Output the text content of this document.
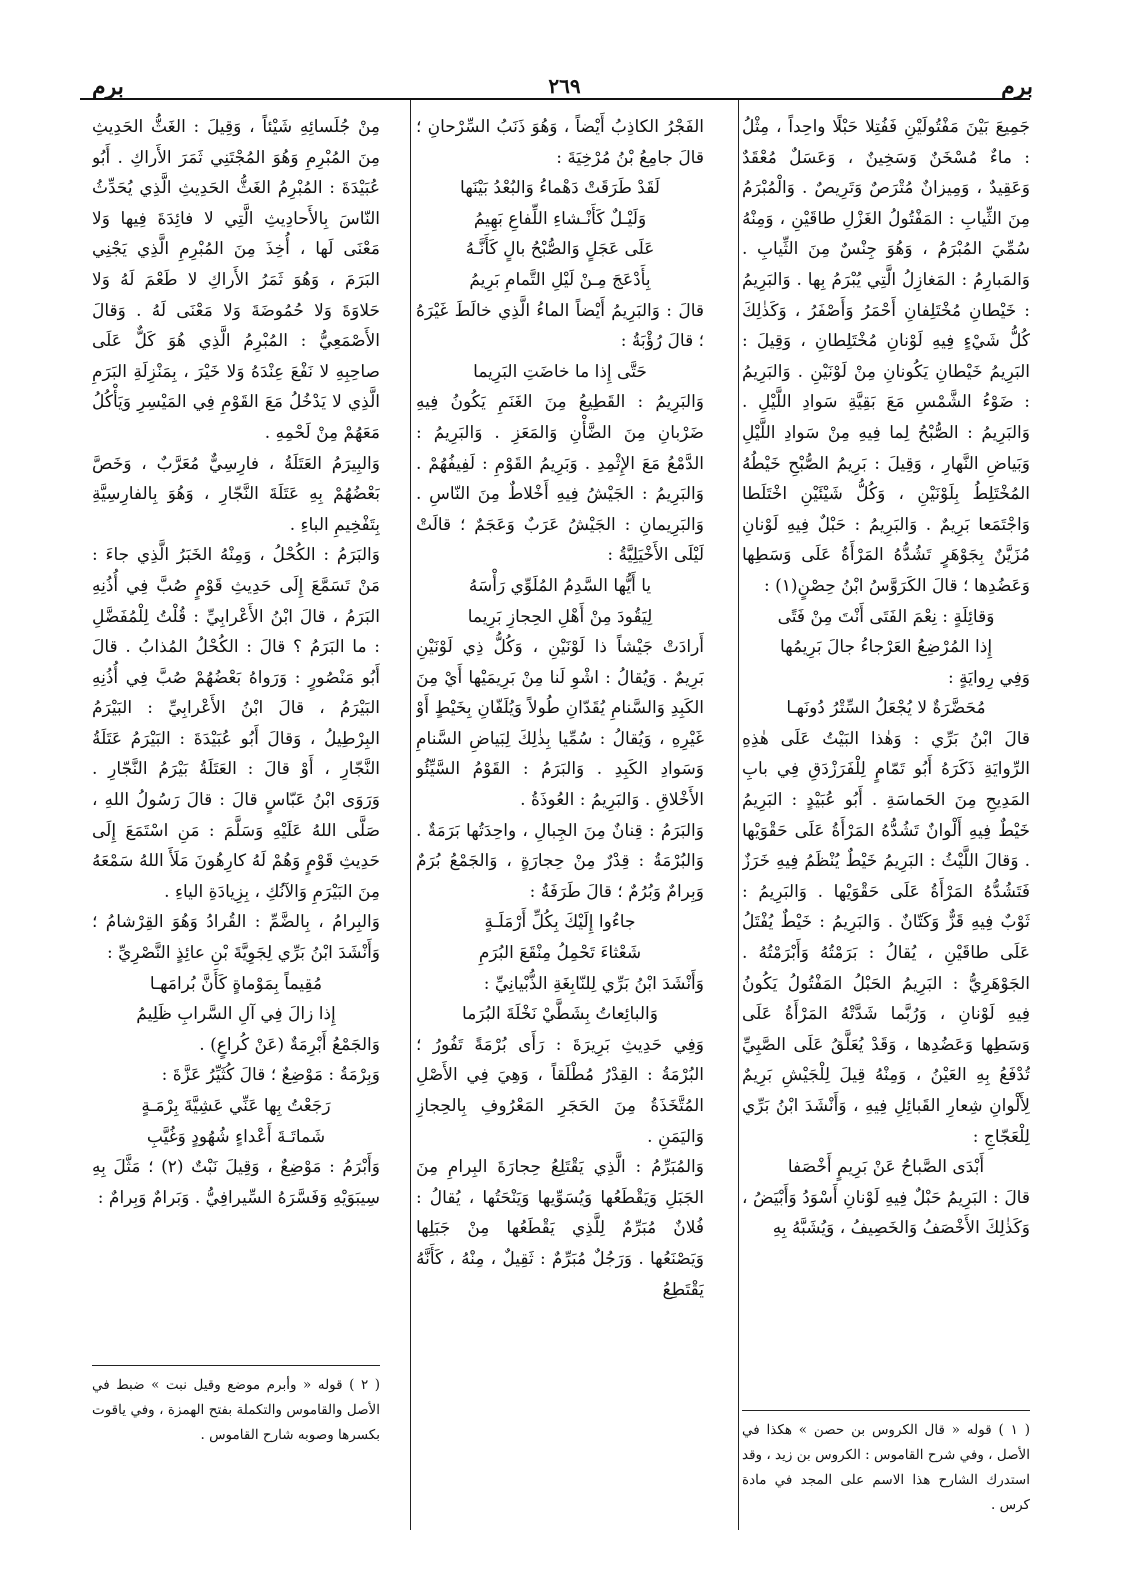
برم
٢٦٩
برم

جَمِيعَ بَيْنَ مَفْتُولَيْنِ فَفُتِلا حَبْلًا واحِداً ، مِثْلُ : ماءٌ مُسْخَنٌ وَسَخِينٌ ، وَعَسَلٌ مُعْقَدٌ وَعَقِيدٌ ، وَمِيزانٌ مُتْرَصٌ وَتَرِيصٌ . وَالْمُبْرَمُ مِنَ الثِّيابِ : المَفْتُولُ الغَزْلِ طاقَيْنِ ، وَمِنْهُ سُمِّيَ المُبْرَمُ ، وَهُوَ جِنْسٌ مِنَ الثِّيابِ . وَالمَبارِمُ : المَغازِلُ الَّتِي يُبْرَمُ بِها . وَالبَرِيمُ : خَيْطانِ مُخْتَلِفانِ أَحْمَرُ وَأَصْفَرُ ، وَكَذٰلِكَ كُلُّ شَيْءٍ فِيهِ لَوْنانِ مُخْتَلِطانِ ، وَقِيلَ : البَرِيمُ خَيْطانِ يَكُونانِ مِنْ لَوْنَيْنِ . وَالبَرِيمُ : ضَوْءُ الشَّمْسِ مَعَ بَقِيَّةِ سَوادِ اللَّيْلِ . وَالبَرِيمُ : الصُّبْحُ لِما فِيهِ مِنْ سَوادِ اللَّيْلِ وَبَياضِ النَّهارِ ، وَقِيلَ : بَرِيمُ الصُّبْحِ خَيْطُهُ المُخْتَلِطُ بِلَوْنَيْنِ ، وَكُلُّ شَيْئَيْنِ اخْتَلَطا وَاجْتَمَعا بَرِيمٌ . وَالبَرِيمُ : حَبْلٌ فِيهِ لَوْنانِ مُزَيَّنٌ بِجَوْهَرٍ تَشُدُّهُ المَرْأَةُ عَلَى وَسَطِها وَعَضُدِها ؛ قالَ الكَرَوَّسُ ابْنُ حِصْنٍ(١) :

وَقائِلَةٍ : نِعْمَ الفَتَى أَنْتَ مِنْ فَتًى

إِذا المُرْضِعُ العَرْجاءُ جالَ بَرِيمُها

وَفِي رِوايَةٍ :

مُحَضَّرَةٌ لا يُجْعَلُ السِّتْرُ دُونَهـا

قالَ ابْنُ بَرِّي : وَهٰذا البَيْتُ عَلَى هٰذِهِ الرِّوايَةِ ذَكَرَهُ أَبُو تَمّامٍ لِلْفَرَزْدَقِ فِي بابِ المَدِيحِ مِنَ الحَماسَةِ . أَبُو عُبَيْدٍ : البَرِيمُ خَيْطٌ فِيهِ أَلْوانٌ تَشُدُّهُ المَرْأَةُ عَلَى حَقْوَيْها . وَقالَ اللَّيْثُ : البَرِيمُ خَيْطٌ يُنْظَمُ فِيهِ خَرَزٌ فَتَشُدُّهُ المَرْأَةُ عَلَى حَقْوَيْها . وَالبَرِيمُ : ثَوْبٌ فِيهِ قَزٌّ وَكَتّانٌ . وَالبَرِيمُ : خَيْطٌ يُفْتَلُ عَلَى طاقَيْنِ ، يُقالُ : بَرَمْتُهُ وَأَبْرَمْتُهُ . الجَوْهَرِيُّ : البَرِيمُ الحَبْلُ المَفْتُولُ يَكُونُ فِيهِ لَوْنانِ ، وَرُبَّما شَدَّتْهُ المَرْأَةُ عَلَى وَسَطِها وَعَضُدِها ، وَقَدْ يُعَلَّقُ عَلَى الصَّبِيِّ تُدْفَعُ بِهِ العَيْنُ ، وَمِنْهُ قِيلَ لِلْجَيْشِ بَرِيمٌ لِأَلْوانِ شِعارِ القَبائِلِ فِيهِ ، وَأَنْشَدَ ابْنُ بَرِّي لِلْعَجّاجِ :

أَبْدَى الصَّباحُ عَنْ بَرِيمٍ أَخْصَفا

قالَ : البَرِيمُ حَبْلٌ فِيهِ لَوْنانِ أَسْوَدُ وَأَبْيَضُ ، وَكَذٰلِكَ الأَخْصَفُ وَالخَصِيفُ ، وَيُشَبَّهُ بِهِ

( ١ ) قوله « قال الكروس بن حصن » هكذا في الأصل ، وفي شرح القاموس : الكروس بن زيد ، وقد استدرك الشارح هذا الاسم على المجد في مادة كرس .

الفَجْرُ الكاذِبُ أَيْضاً ، وَهُوَ ذَنَبُ السِّرْحانِ ؛ قالَ جامِعُ بْنُ مُرْخِيَةَ :

لَقَدْ طَرَقَتْ دَهْماءُ وَالبُعْدُ بَيْنَها

وَلَيْـلٌ كَأَنْـشاءِ اللِّفاعِ بَهِيمُ

عَلَى عَجَلٍ وَالصُّبْحُ بالٍ كَأَنَّـهُ

بِأَدْعَجَ مِـنْ لَيْلِ التَّمامِ بَرِيمُ

قالَ : وَالبَرِيمُ أَيْضاً الماءُ الَّذِي خالَطَ غَيْرَهُ ؛ قالَ رُؤْبَةُ :

حَتَّى إِذا ما خاضَتِ البَرِيما

وَالبَرِيمُ : القَطِيعُ مِنَ الغَنَمِ يَكُونُ فِيهِ ضَرْبانِ مِنَ الضَّأْنِ وَالمَعَزِ . وَالبَرِيمُ : الدَّمْعُ مَعَ الإِثْمِدِ . وَبَرِيمُ القَوْمِ : لَفِيفُهُمْ . وَالبَرِيمُ : الجَيْشُ فِيهِ أَخْلاطٌ مِنَ النّاسِ . وَالبَرِيمانِ : الجَيْشُ عَرَبٌ وَعَجَمٌ ؛ قالَتْ لَيْلَى الأَخْيَلِيَّةُ :

يا أَيُّها السَّدِمُ المُلَوِّي رَأْسَهُ

لِيَقُودَ مِنْ أَهْلِ الحِجازِ بَرِيما

أَرادَتْ جَيْشاً ذا لَوْنَيْنِ ، وَكُلُّ ذِي لَوْنَيْنِ بَرِيمٌ . وَيُقالُ : اشْوِ لَنا مِنْ بَرِيمَيْها أَيْ مِنَ الكَبِدِ وَالسَّنامِ يُقَدّانِ طُولاً وَيُلَفّانِ بِخَيْطٍ أَوْ غَيْرِهِ ، وَيُقالُ : سُمِّيا بِذٰلِكَ لِبَياضِ السَّنامِ وَسَوادِ الكَبِدِ . وَالبَرَمُ : القَوْمُ السَّيِّئُو الأَخْلاقِ . وَالبَرِيمُ : العُوذَةُ .

وَالبَرَمُ : قِنانٌ مِنَ الجِبالِ ، واحِدَتُها بَرَمَةٌ . وَالبُرْمَةُ : قِدْرٌ مِنْ حِجارَةٍ ، وَالجَمْعُ بُرَمٌ وَبِرامٌ وَبُرُمٌ ؛ قالَ طَرَفَةُ :

جاءُوا إِلَيْكَ بِكُلِّ أَرْمَلَـةٍ

شَعْثاءَ تَحْمِلُ مِنْقَعَ البُرَمِ

وَأَنْشَدَ ابْنُ بَرِّي لِلنّابِغَةِ الذُّبْيانِيِّ :

وَالبائِعاتُ بِشَطَّيْ نَخْلَةَ البُرَما

وَفِي حَدِيثِ بَرِيرَةَ : رَأَى بُرْمَةً تَفُورُ ؛ البُرْمَةُ : القِدْرُ مُطْلَقاً ، وَهِيَ فِي الأَصْلِ المُتَّخَذَةُ مِنَ الحَجَرِ المَعْرُوفِ بِالحِجازِ وَاليَمَنِ .

وَالمُبَرِّمُ : الَّذِي يَقْتَلِعُ حِجارَةَ البِرامِ مِنَ الجَبَلِ وَيَقْطَعُها وَيُسَوِّيها وَيَنْحَتُها ، يُقالُ : فُلانٌ مُبَرِّمٌ لِلَّذِي يَقْطَعُها مِنْ جَبَلِها وَيَصْنَعُها . وَرَجُلٌ مُبَرِّمٌ : ثَقِيلٌ ، مِنْهُ ، كَأَنَّهُ يَقْتَطِعُ

مِنْ جُلَسائِهِ شَيْئاً ، وَقِيلَ : الغَثُّ الحَدِيثِ مِنَ المُبْرِمِ وَهُوَ المُجْتَنِي ثَمَرَ الأَراكِ . أَبُو عُبَيْدَةَ : المُبْرِمُ الغَثُّ الحَدِيثِ الَّذِي يُحَدِّثُ النّاسَ بِالأَحادِيثِ الَّتِي لا فائِدَةَ فِيها وَلا مَعْنَى لَها ، أُخِذَ مِنَ المُبْرِمِ الَّذِي يَجْنِي البَرَمَ ، وَهُوَ ثَمَرُ الأَراكِ لا طَعْمَ لَهُ وَلا حَلاوَةَ وَلا حُمُوضَةَ وَلا مَعْنَى لَهُ . وَقالَ الأَصْمَعِيُّ : المُبْرِمُ الَّذِي هُوَ كَلٌّ عَلَى صاحِبِهِ لا نَفْعَ عِنْدَهُ وَلا خَيْرَ ، بِمَنْزِلَةِ البَرَمِ الَّذِي لا يَدْخُلُ مَعَ القَوْمِ فِي المَيْسِرِ وَيَأْكُلُ مَعَهُمْ مِنْ لَحْمِهِ .

وَالبِيرَمُ العَتَلَةُ ، فارِسِيٌّ مُعَرَّبٌ ، وَخَصَّ بَعْضُهُمْ بِهِ عَتَلَةَ النَّجّارِ ، وَهُوَ بِالفارِسِيَّةِ بِتَفْخِيمِ الباءِ .

وَالبَرَمُ : الكُحْلُ ، وَمِنْهُ الخَبَرُ الَّذِي جاءَ : مَنْ تَسَمَّعَ إِلَى حَدِيثِ قَوْمٍ صُبَّ فِي أُذُنِهِ البَرَمُ ، قالَ ابْنُ الأَعْرابِيِّ : قُلْتُ لِلْمُفَضَّلِ : ما البَرَمُ ؟ قالَ : الكُحْلُ المُذابُ . قالَ أَبُو مَنْصُورٍ : وَرَواهُ بَعْضُهُمْ صُبَّ فِي أُذُنِهِ البَيْرَمُ ، قالَ ابْنُ الأَعْرابِيِّ : البَيْرَمُ البِرْطِيلُ ، وَقالَ أَبُو عُبَيْدَةَ : البَيْرَمُ عَتَلَةُ النَّجّارِ ، أَوْ قالَ : العَتَلَةُ بَيْرَمُ النَّجّارِ . وَرَوَى ابْنُ عَبّاسٍ قالَ : قالَ رَسُولُ اللهِ ، صَلَّى اللهُ عَلَيْهِ وَسَلَّمَ : مَنِ اسْتَمَعَ إِلَى حَدِيثِ قَوْمٍ وَهُمْ لَهُ كارِهُونَ مَلَأَ اللهُ سَمْعَهُ مِنَ البَيْرَمِ وَالآنُكِ ، بِزِيادَةِ الياءِ .

وَالبِرامُ ، بِالضَّمِّ : القُرادُ وَهُوَ القِرْشامُ ؛ وَأَنْشَدَ ابْنُ بَرِّي لِجَوِيَّةَ بْنِ عائِذٍ النَّصْرِيِّ :

مُقِيماً بِمَوْماةٍ كَأَنَّ بُرامَهـا

إِذا زالَ فِي آلِ السَّرابِ ظَلِيمُ

وَالجَمْعُ أَبْرِمَةٌ (عَنْ كُراعٍ) .

وَبِرْمَةُ : مَوْضِعٌ ؛ قالَ كُثَيِّرُ عَزَّةَ :

رَجَعْتُ بِها عَنِّي عَشِيَّةَ بِرْمَـةٍ

شَماتَـةَ أَعْداءٍ شُهُودٍ وَغُيَّبِ

وَأَبْرَمُ : مَوْضِعٌ ، وَقِيلَ نَبْتٌ (٢) ؛ مَثَّلَ بِهِ سِيبَوَيْهِ وَفَسَّرَهُ السِّيرافِيُّ . وَبَرامٌ وَبِرامٌ :

( ٢ ) قوله « وأبرم موضع وقيل نبت » ضبط في الأصل والقاموس والتكملة بفتح الهمزة ، وفي ياقوت بكسرها وصوبه شارح القاموس .
